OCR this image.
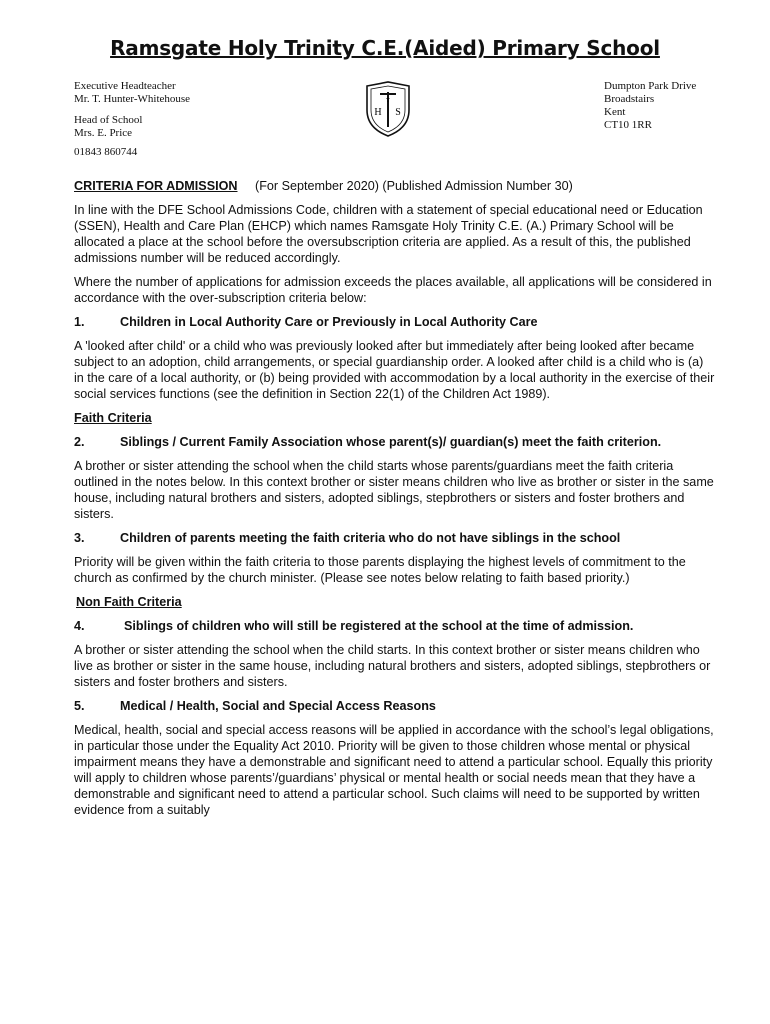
Ramsgate Holy Trinity C.E.(Aided) Primary School
Executive Headteacher
Mr. T. Hunter-Whitehouse
Head of School
Mrs. E. Price
H
T
S
Dumpton Park Drive
Broadstairs
Kent
CT10 1RR
01843 860744
CRITERIA FOR ADMISSION (For September 2020) (Published Admission Number 30)

In line with the DFE School Admissions Code, children with a statement of special educational need or Education (SSEN), Health and Care Plan (EHCP) which names Ramsgate Holy Trinity C.E. (A.) Primary School will be allocated a place at the school before the oversubscription criteria are applied. As a result of this, the published admissions number will be reduced accordingly.

Where the number of applications for admission exceeds the places available, all applications will be considered in accordance with the over-subscription criteria below:

1.	Children in Local Authority Care or Previously in Local Authority Care

A 'looked after child' or a child who was previously looked after but immediately after being looked after became subject to an adoption, child arrangements, or special guardianship order. A looked after child is a child who is (a) in the care of a local authority, or (b) being provided with accommodation by a local authority in the exercise of their social services functions (see the definition in Section 22(1) of the Children Act 1989).

Faith Criteria
2.	Siblings / Current Family Association whose parent(s)/ guardian(s) meet the faith criterion.

A brother or sister attending the school when the child starts whose parents/guardians meet the faith criteria outlined in the notes below. In this context brother or sister means children who live as brother or sister in the same house, including natural brothers and sisters, adopted siblings, stepbrothers or sisters and foster brothers and sisters.

3.	Children of parents meeting the faith criteria who do not have siblings in the school

Priority will be given within the faith criteria to those parents displaying the highest levels of commitment to the church as confirmed by the church minister. (Please see notes below relating to faith based priority.)

Non Faith Criteria
4.	Siblings of children who will still be registered at the school at the time of admission.

A brother or sister attending the school when the child starts. In this context brother or sister means children who live as brother or sister in the same house, including natural brothers and sisters, adopted siblings, stepbrothers or sisters and foster brothers and sisters.

5.	Medical / Health, Social and Special Access Reasons

Medical, health, social and special access reasons will be applied in accordance with the school’s legal obligations, in particular those under the Equality Act 2010. Priority will be given to those children whose mental or physical impairment means they have a demonstrable and significant need to attend a particular school. Equally this priority will apply to children whose parents’/guardians’ physical or mental health or social needs mean that they have a demonstrable and significant need to attend a particular school. Such claims will need to be supported by written evidence from a suitably
